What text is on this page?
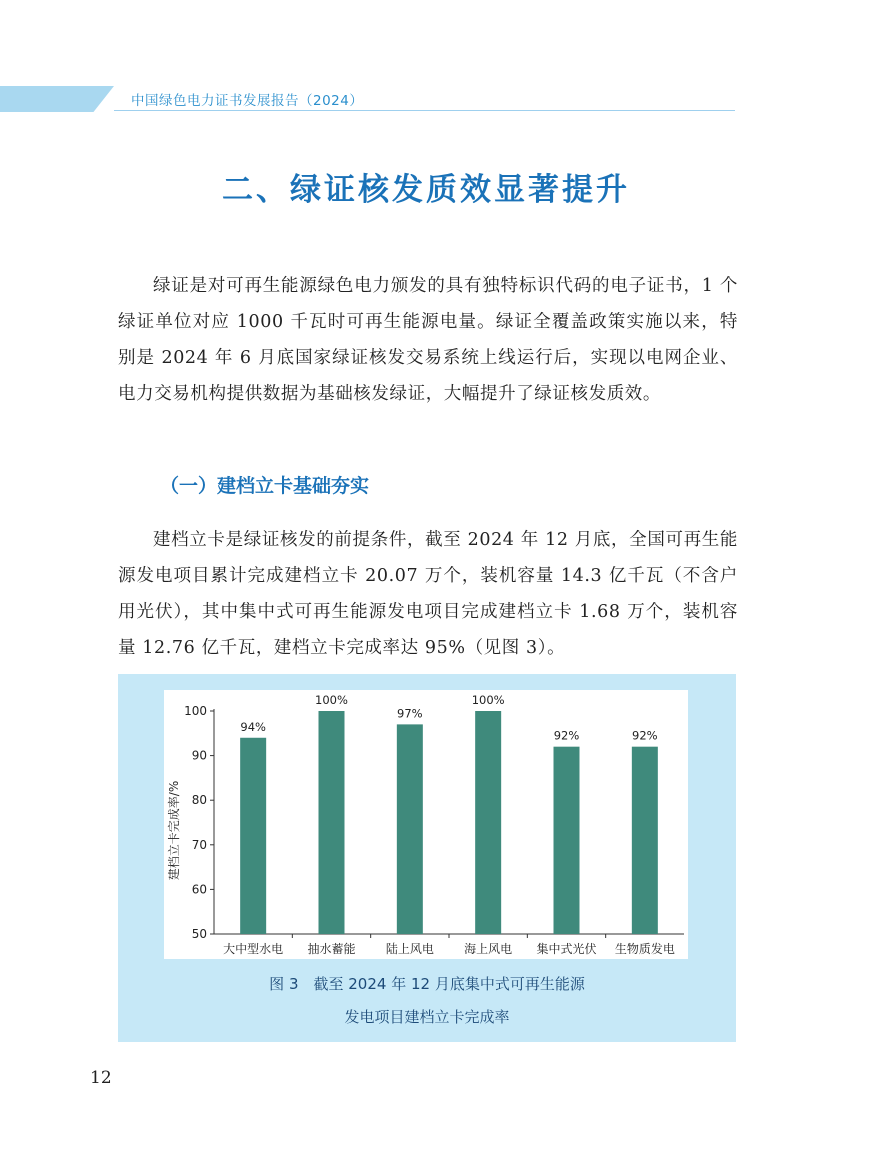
中国绿色电力证书发展报告（2024）
二、绿证核发质效显著提升
绿证是对可再生能源绿色电力颁发的具有独特标识代码的电子证书，1 个绿证单位对应 1000 千瓦时可再生能源电量。绿证全覆盖政策实施以来，特别是 2024 年 6 月底国家绿证核发交易系统上线运行后，实现以电网企业、电力交易机构提供数据为基础核发绿证，大幅提升了绿证核发质效。
（一）建档立卡基础夯实
建档立卡是绿证核发的前提条件，截至 2024 年 12 月底，全国可再生能源发电项目累计完成建档立卡 20.07 万个，装机容量 14.3 亿千瓦（不含户用光伏），其中集中式可再生能源发电项目完成建档立卡 1.68 万个，装机容量 12.76 亿千瓦，建档立卡完成率达 95%（见图 3）。
50
60
70
80
90
100
建档立卡完成率/%
94%
大中型水电
100%
抽水蓄能
97%
陆上风电
100%
海上风电
92%
集中式光伏
92%
生物质发电
图 3　截至 2024 年 12 月底集中式可再生能源
发电项目建档立卡完成率
12
